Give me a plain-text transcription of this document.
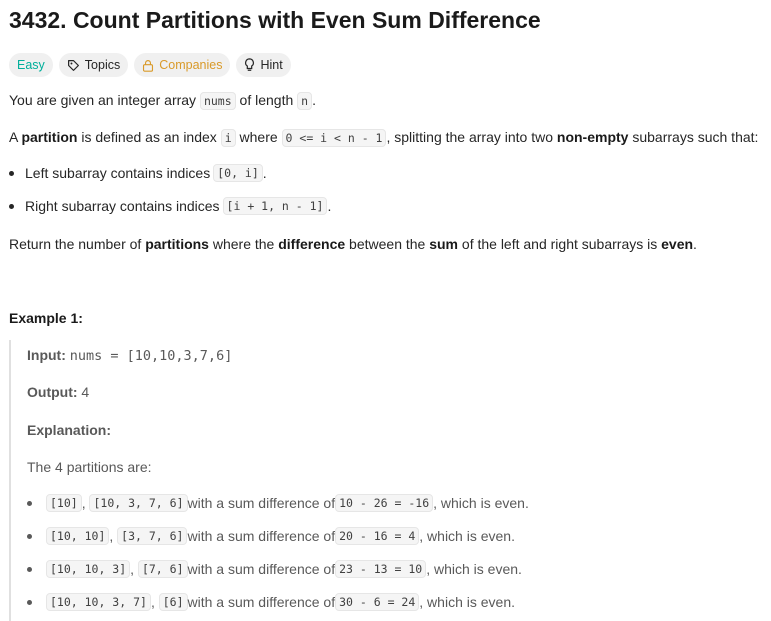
3432. Count Partitions with Even Sum Difference
Easy	Topics	Companies	Hint

You are given an integer array nums of length n .

A partition is defined as an index i where 0 <= i < n - 1 , splitting the array into two non-empty subarrays such that:

Left subarray contains indices [0, i] .
Right subarray contains indices [i + 1, n - 1] .

Return the number of partitions where the difference between the sum of the left and right subarrays is even.

Example 1:

Input: nums = [10,10,3,7,6]

Output: 4

Explanation:

The 4 partitions are:

[10] , [10, 3, 7, 6] with a sum difference of 10 - 26 = -16 , which is even.
[10, 10] , [3, 7, 6] with a sum difference of 20 - 16 = 4 , which is even.
[10, 10, 3] , [7, 6] with a sum difference of 23 - 13 = 10 , which is even.
[10, 10, 3, 7] , [6] with a sum difference of 30 - 6 = 24 , which is even.
